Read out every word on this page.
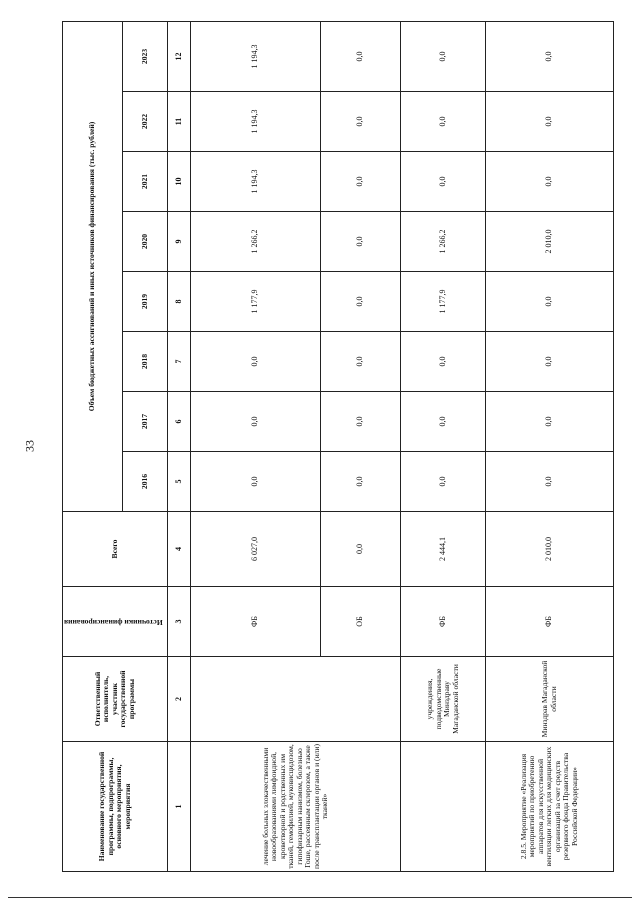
33
Наименование государственной программы, подпрограммы, основного мероприятия, мероприятия	Ответственный исполнитель, участник государственной программы	Источники финансирования	Всего	Объем бюджетных ассигнований и иных источников финансирования (тыс. рублей)							
				2016	2017	2018	2019	2020	2021	2022	2023
1	2	3	4	5	6	7	8	9	10	11	12
лечение больных злокачественными новообразованиями лимфоидной, кроветворной и родственных им тканей, гемофилией, муковисцидозом, гипофизарным нанизмом, болезнью Гоше, рассеянным склерозом, а также после трансплантации органов и (или) тканей»		ФБ	6 027,0	0,0	0,0	0,0	1 177,9	1 266,2	1 194,3	1 194,3	1 194,3
		ОБ	0,0	0,0	0,0	0,0	0,0	0,0	0,0	0,0	0,0
	учреждения, подведомственные Минздраву Магаданской области	ФБ	2 444,1	0,0	0,0	0,0	1 177,9	1 266,2	0,0	0,0	0,0
2.8.5. Мероприятие «Реализация мероприятий по приобретению аппаратов для искусственной вентиляции легких для медицинских организаций за счет средств резервного фонда Правительства Российской Федерации»	Минздрав Магаданской области	ФБ	2 010,0	0,0	0,0	0,0	0,0	2 010,0	0,0	0,0	0,0
